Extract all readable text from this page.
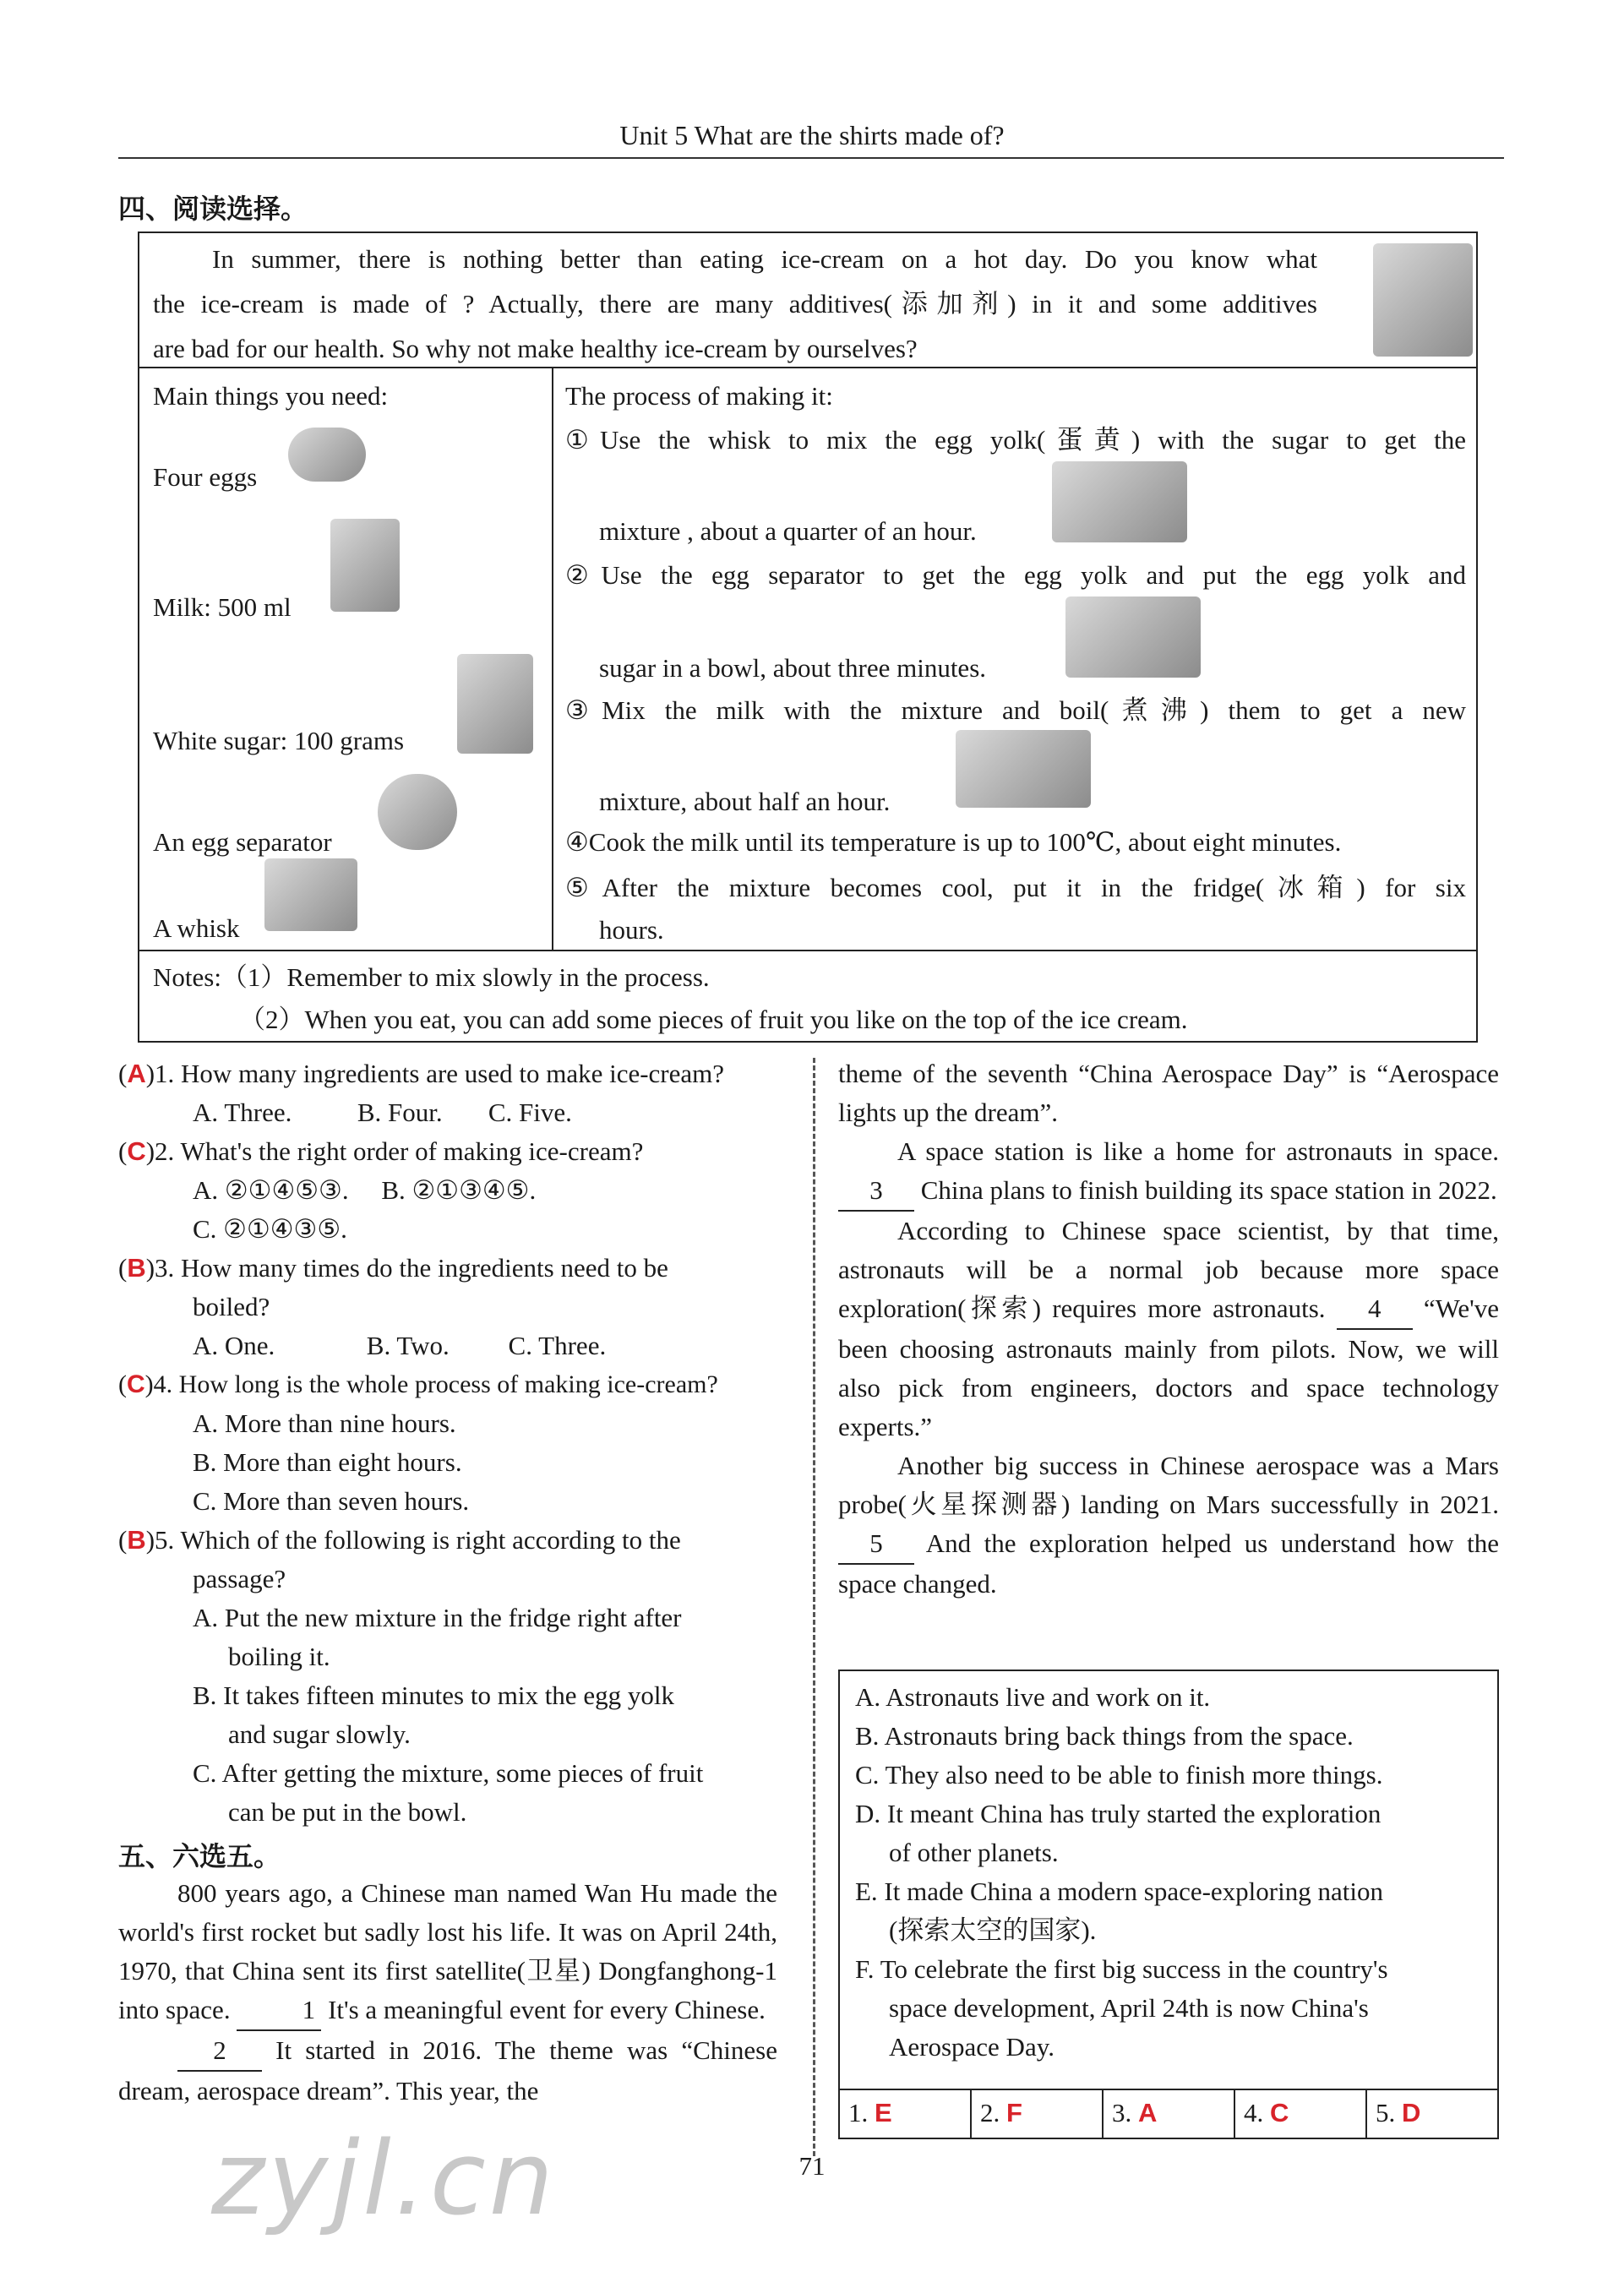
Unit 5 What are the shirts made of?
四、阅读选择。
In summer, there is nothing better than eating ice-cream on a hot day. Do you know what
the ice-cream is made of ? Actually, there are many additives(添加剂) in it and some additives
are bad for our health. So why not make healthy ice-cream by ourselves?
Main things you need:
Four eggs
Milk: 500 ml
White sugar: 100 grams
An egg separator
A whisk
The process of making it:
①Use the whisk to mix the egg yolk(蛋黄) with the sugar to get the
mixture , about a quarter of an hour.
②Use the egg separator to get the egg yolk and put the egg yolk and
sugar in a bowl, about three minutes.
③Mix the milk with the mixture and boil(煮沸) them to get a new
mixture, about half an hour.
④Cook the milk until its temperature is up to 100℃, about eight minutes.
⑤After the mixture becomes cool, put it in the fridge(冰箱) for six
hours.
Notes:（1）Remember to mix slowly in the process.
（2）When you eat, you can add some pieces of fruit you like on the top of the ice cream.
(A)1. How many ingredients are used to make ice-cream?
A. Three.          B. Four.       C. Five.
(C)2. What's the right order of making ice-cream?
A. ②①④⑤③.     B. ②①③④⑤.
C. ②①④③⑤.
(B)3. How many times do the ingredients need to be
boiled?
A. One.              B. Two.         C. Three.
(C)4. How long is the whole process of making ice-cream?
A. More than nine hours.
B. More than eight hours.
C. More than seven hours.
(B)5. Which of the following is right according to the
passage?
A. Put the new mixture in the fridge right after
boiling it.
B. It takes fifteen minutes to mix the egg yolk
and sugar slowly.
C. After getting the mixture, some pieces of fruit
can be put in the bowl.
五、六选五。
800 years ago, a Chinese man named Wan Hu made the world's first rocket but sadly lost his life. It was on April 24th, 1970, that China sent its first satellite(卫星) Dongfanghong-1 into space.	1 It's a meaningful event for every Chinese.
2 It started in 2016. The theme was “Chinese dream, aerospace dream”. This year, the
theme of the seventh “China Aerospace Day” is “Aerospace lights up the dream”.
A space station is like a home for astronauts in space. 3 China plans to finish building its space station in 2022.
According to Chinese space scientist, by that time, astronauts will be a normal job because more space exploration(探索) requires more astronauts. 4 “We've been choosing astronauts mainly from pilots. Now, we will also pick from engineers, doctors and space technology experts.”
Another big success in Chinese aerospace was a Mars probe(火星探测器) landing on Mars successfully in 2021. 5 And the exploration helped us understand how the space changed.
A. Astronauts live and work on it.
B. Astronauts bring back things from the space.
C. They also need to be able to finish more things.
D. It meant China has truly started the exploration
of other planets.
E. It made China a modern space-exploring nation
(探索太空的国家).
F. To celebrate the first big success in the country's
space development, April 24th is now China's
Aerospace Day.
1. E	2. F	3. A	4. C	5. D
zyjl.cn	71
